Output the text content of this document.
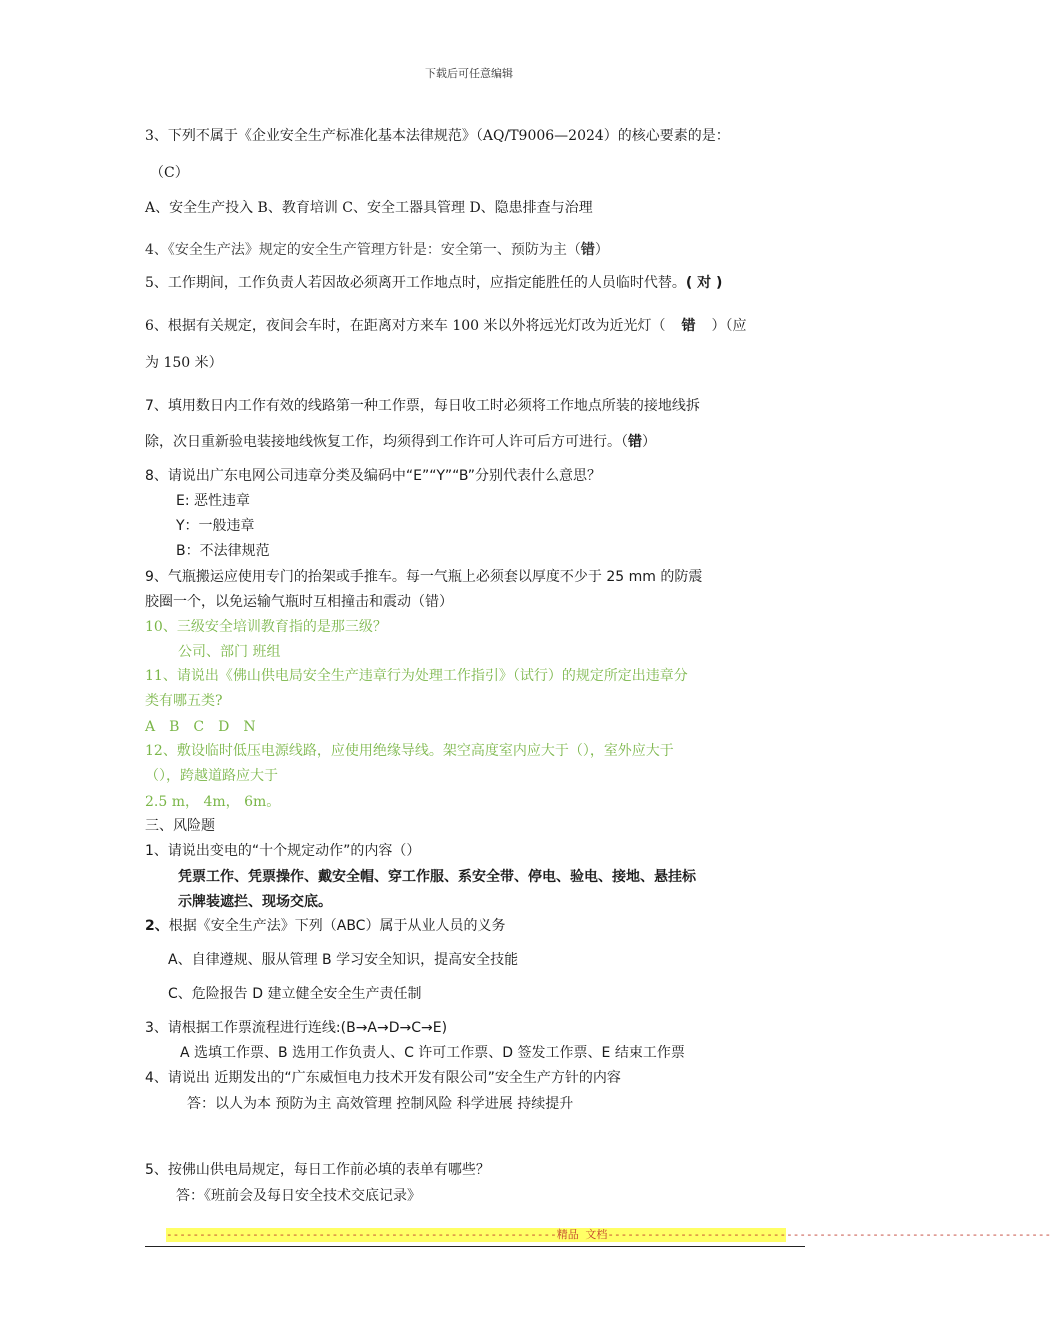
下载后可任意编辑
3、下列不属于《企业安全生产标准化基本法律规范》（AQ/T9006—2024）的核心要素的是：
（C）
A、安全生产投入 B、教育培训 C、安全工器具管理 D、隐患排查与治理
4、《安全生产法》规定的安全生产管理方针是：安全第一、预防为主（错）
5、工作期间，工作负责人若因故必须离开工作地点时，应指定能胜任的人员临时代替。( 对 )
6、根据有关规定，夜间会车时，在距离对方来车 100 米以外将远光灯改为近光灯（ 错 ）（应
为 150 米）
7、填用数日内工作有效的线路第一种工作票，每日收工时必须将工作地点所装的接地线拆
除，次日重新验电装接地线恢复工作，均须得到工作许可人许可后方可进行。（错）
8、请说出广东电网公司违章分类及编码中“E”“Y”“B”分别代表什么意思？
E: 恶性违章
Y：一般违章
B：不法律规范
9、气瓶搬运应使用专门的抬架或手推车。每一气瓶上必须套以厚度不少于 25 mm 的防震
胶圈一个，以免运输气瓶时互相撞击和震动（错）
10、三级安全培训教育指的是那三级？
公司、部门 班组
11、请说出《佛山供电局安全生产违章行为处理工作指引》（试行）的规定所定出违章分
类有哪五类?
A　B　C　D　N
12、敷设临时低压电源线路，应使用绝缘导线。架空高度室内应大于（），室外应大于
（），跨越道路应大于
2.5 m， 4m， 6m。
三、风险题
1、请说出变电的“十个规定动作”的内容（）
凭票工作、凭票操作、戴安全帽、穿工作服、系安全带、停电、验电、接地、悬挂标
示牌装遮拦、现场交底。
2、根据《安全生产法》下列（ABC）属于从业人员的义务
A、自律遵规、服从管理 B 学习安全知识，提高安全技能
C、危险报告 D 建立健全安全生产责任制
3、请根据工作票流程进行连线:(B→A→D→C→E)
A 选填工作票、B 选用工作负责人、C 许可工作票、D 签发工作票、E 结束工作票
4、请说出 近期发出的“广东威恒电力技术开发有限公司”安全生产方针的内容
答：以人为本 预防为主 高效管理 控制风险 科学进展 持续提升
5、按佛山供电局规定，每日工作前必填的表单有哪些？
答：《班前会及每日安全技术交底记录》
-----------------------------------------------------------精品 文档-------------------------------------------------------------------
